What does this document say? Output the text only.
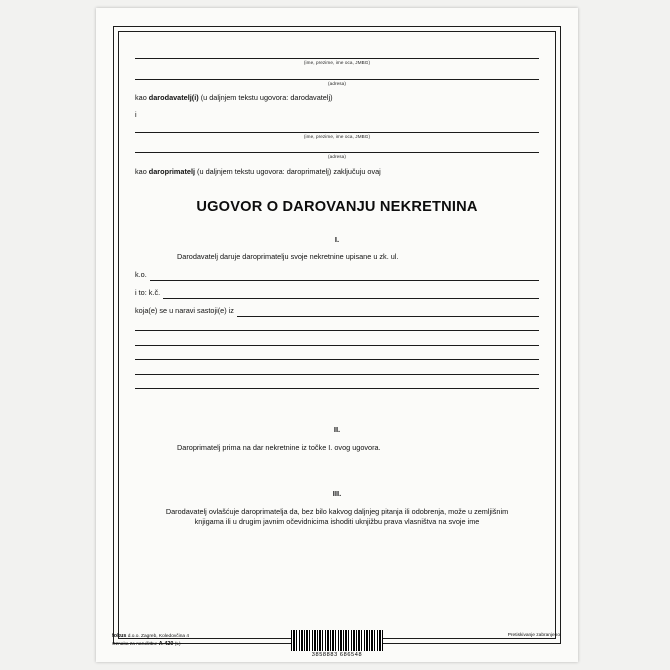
(ime, prezime, ime oca, JMBG)
(adresa)
kao darodavatelj(i) (u daljnjem tekstu ugovora: darodavatelj)
i
(ime, prezime, ime oca, JMBG)
(adresa)
kao daroprimatelj (u daljnjem tekstu ugovora: daroprimatelj) zaključuju ovaj
UGOVOR O DAROVANJU NEKRETNINA
I.
Darodavatelj daruje daroprimatelju svoje nekretnine upisane u zk. ul.
k.o.
i to: k.č.
koja(e) se u naravi sastoji(e) iz
II.
Daroprimatelj prima na dar nekretnine iz točke I. ovog ugovora.
III.
Darodavatelj ovlašćuje daroprimatelja da, bez bilo kakvog daljnjeg pitanja ili odobrenja, može u zemljišnim knjigama ili u drugim javnim očevidnicima ishoditi uknjižbu prava vlasništva na svoje ime
fokus d.o.o. Zagreb, Koledovčina 4
Oznaka za naručitbu: A-420 (L)
3858883 686548
Pretiskivanje zabranjeno
